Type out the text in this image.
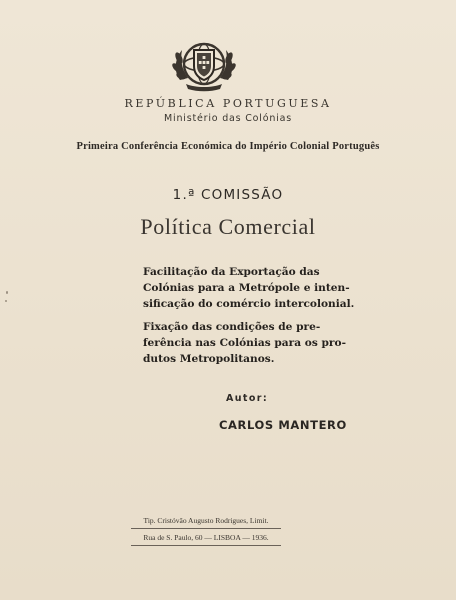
REPÚBLICA PORTUGUESA
Ministério das Colónias
Primeira Conferência Económica do Império Colonial Português
1.ª COMISSÃO
Política Comercial

Facilitação da Exportação das

Colónias para a Metrópole e inten-

sificação do comércio intercolonial.

Fixação das condições de pre-

ferência nas Colónias para os pro-

dutos Metropolitanos.

Autor:
CARLOS MANTERO
Tip. Cristóvão Augusto Rodrigues, Limit.
Rua de S. Paulo, 60 — LISBOA — 1936.
